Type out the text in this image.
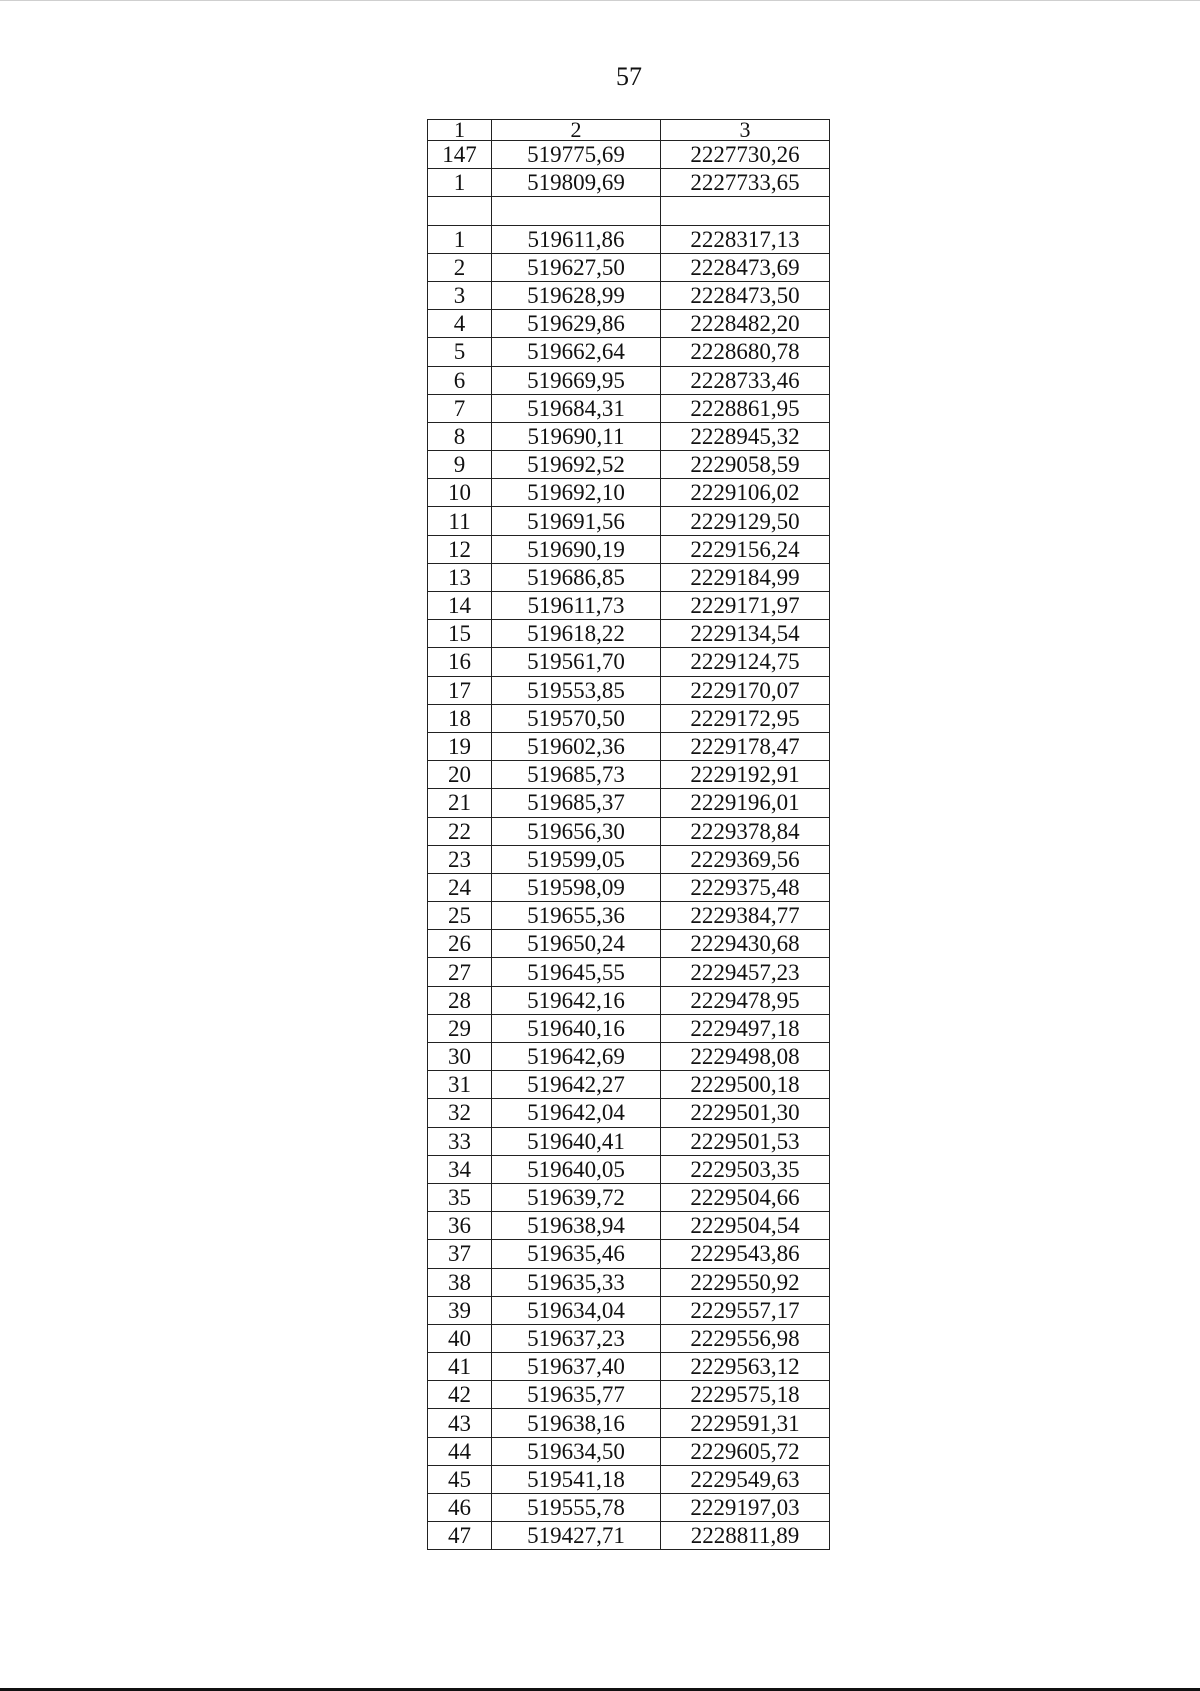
57
1	2	3
147	519775,69	2227730,26
1	519809,69	2227733,65

1	519611,86	2228317,13
2	519627,50	2228473,69
3	519628,99	2228473,50
4	519629,86	2228482,20
5	519662,64	2228680,78
6	519669,95	2228733,46
7	519684,31	2228861,95
8	519690,11	2228945,32
9	519692,52	2229058,59
10	519692,10	2229106,02
11	519691,56	2229129,50
12	519690,19	2229156,24
13	519686,85	2229184,99
14	519611,73	2229171,97
15	519618,22	2229134,54
16	519561,70	2229124,75
17	519553,85	2229170,07
18	519570,50	2229172,95
19	519602,36	2229178,47
20	519685,73	2229192,91
21	519685,37	2229196,01
22	519656,30	2229378,84
23	519599,05	2229369,56
24	519598,09	2229375,48
25	519655,36	2229384,77
26	519650,24	2229430,68
27	519645,55	2229457,23
28	519642,16	2229478,95
29	519640,16	2229497,18
30	519642,69	2229498,08
31	519642,27	2229500,18
32	519642,04	2229501,30
33	519640,41	2229501,53
34	519640,05	2229503,35
35	519639,72	2229504,66
36	519638,94	2229504,54
37	519635,46	2229543,86
38	519635,33	2229550,92
39	519634,04	2229557,17
40	519637,23	2229556,98
41	519637,40	2229563,12
42	519635,77	2229575,18
43	519638,16	2229591,31
44	519634,50	2229605,72
45	519541,18	2229549,63
46	519555,78	2229197,03
47	519427,71	2228811,89
